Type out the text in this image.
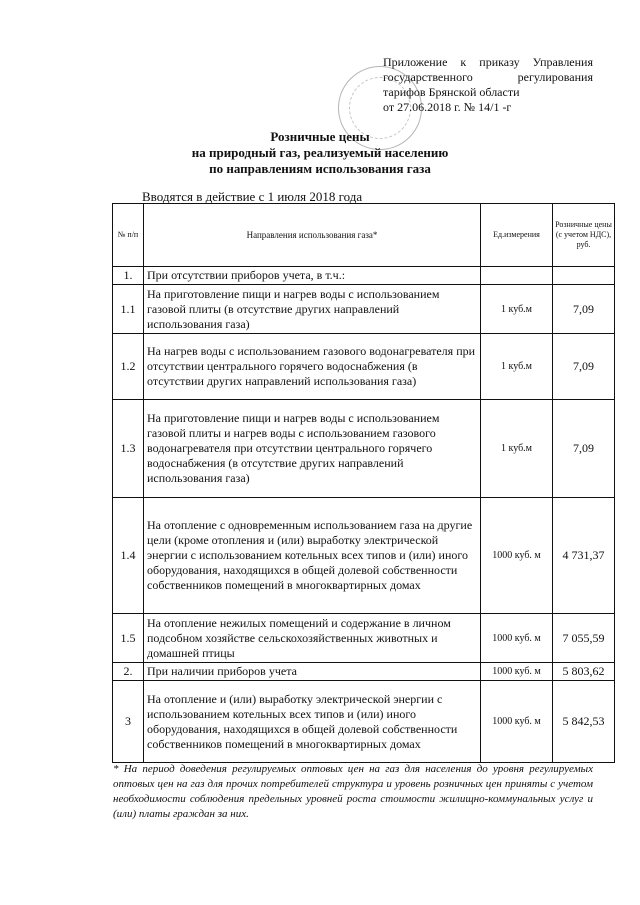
Приложение к приказу Управления
государственного регулирования
тарифов Брянской области
от 27.06.2018 г. № 14/1 -г
Розничные цены
на природный газ, реализуемый населению
по направлениям использования газа
Вводятся в действие с 1 июля 2018 года
№ п/п	Направления использования газа*	Ед.измерения	Розничные цены (с учетом НДС), руб.
1.	При отсутствии приборов учета, в т.ч.:		
1.1	На приготовление пищи и нагрев воды с использованием газовой плиты (в отсутствие других направлений использования газа)	1 куб.м	7,09
1.2	На нагрев воды с использованием газового водонагревателя при отсутствии центрального горячего водоснабжения (в отсутствии других направлений использования газа)	1 куб.м	7,09
1.3	На приготовление пищи и нагрев воды с использованием газовой плиты и нагрев воды с использованием газового водонагревателя при отсутствии центрального горячего водоснабжения (в отсутствие других направлений использования газа)	1 куб.м	7,09
1.4	На отопление с одновременным использованием газа на другие цели (кроме отопления и (или) выработку электрической энергии с использованием котельных всех типов и (или) иного оборудования, находящихся в общей долевой собственности собственников помещений в многоквартирных домах	1000 куб. м	4 731,37
1.5	На отопление нежилых помещений и содержание в личном подсобном хозяйстве сельскохозяйственных животных и домашней птицы	1000 куб. м	7 055,59
2.	При наличии приборов учета	1000 куб. м	5 803,62
3	На отопление и (или) выработку электрической энергии с использованием котельных всех типов и (или) иного оборудования, находящихся в общей долевой собственности собственников помещений в многоквартирных домах	1000 куб. м	5 842,53
* На период доведения регулируемых оптовых цен на газ для населения до уровня регулируемых оптовых цен на газ для прочих потребителей структура и уровень розничных цен приняты с учетом необходимости соблюдения предельных уровней роста стоимости жилищно-коммунальных услуг и (или) платы граждан за них.
